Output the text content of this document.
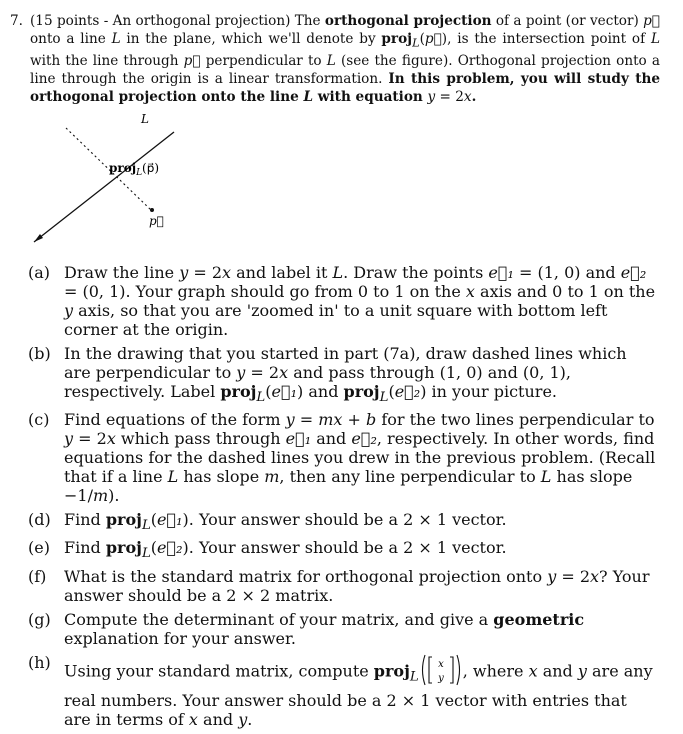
7. (15 points - An orthogonal projection) The orthogonal projection of a point (or vector) p⃗ onto a line L in the plane, which we'll denote by proj$_L$(p⃗), is the intersection point of L with the line through p⃗ perpendicular to L (see the figure). Orthogonal projection onto a line through the origin is a linear transformation. In this problem, you will study the orthogonal projection onto the line L with equation y = 2x.
L
proj$_L$(p⃗)
p⃗
(a) Draw the line y = 2x and label it L. Draw the points e⃗₁ = (1, 0) and e⃗₂ = (0, 1). Your graph should go from 0 to 1 on the x axis and 0 to 1 on the y axis, so that you are 'zoomed in' to a unit square with bottom left corner at the origin.
(b) In the drawing that you started in part (7a), draw dashed lines which are perpendicular to y = 2x and pass through (1, 0) and (0, 1), respectively. Label proj$_L$(e⃗₁) and proj$_L$(e⃗₂) in your picture.
(c) Find equations of the form y = mx + b for the two lines perpendicular to y = 2x which pass through e⃗₁ and e⃗₂, respectively. In other words, find equations for the dashed lines you drew in the previous problem. (Recall that if a line L has slope m, then any line perpendicular to L has slope −1/m).
(d) Find proj$_L$(e⃗₁). Your answer should be a 2 × 1 vector.
(e) Find proj$_L$(e⃗₂). Your answer should be a 2 × 1 vector.
(f) What is the standard matrix for orthogonal projection onto y = 2x? Your answer should be a 2 × 2 matrix.
(g) Compute the determinant of your matrix, and give a geometric explanation for your answer.
(h) Using your standard matrix, compute proj$_L$
x
y , where x and y are any real numbers. Your answer should be a 2 × 1 vector with entries that are in terms of x and y.
